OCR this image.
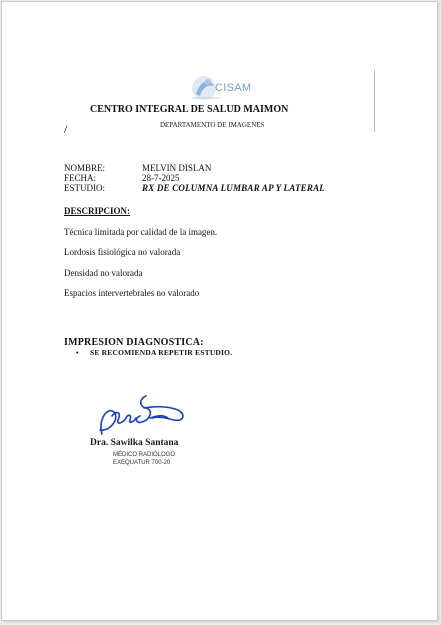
CISAM
CENTRO INTEGRAL DE SALUD MAIMON
DEPARTAMENTO DE IMAGENES
/
NOMBRE:	MELVIN DISLAN
FECHA:	28-7-2025
ESTUDIO:	RX DE COLUMNA LUMBAR AP Y LATERAL
DESCRIPCION:
Técnica limitada por calidad de la imagen.
Lordosis fisiológica no valorada
Densidad no valorada
Espacios intervertebrales no valorado
IMPRESION DIAGNOSTICA:
• SE RECOMIENDA REPETIR ESTUDIO.
Dra. Sawilka Santana
MÉDICO RADIÓLOGO
EXEQUATUR 700-20
